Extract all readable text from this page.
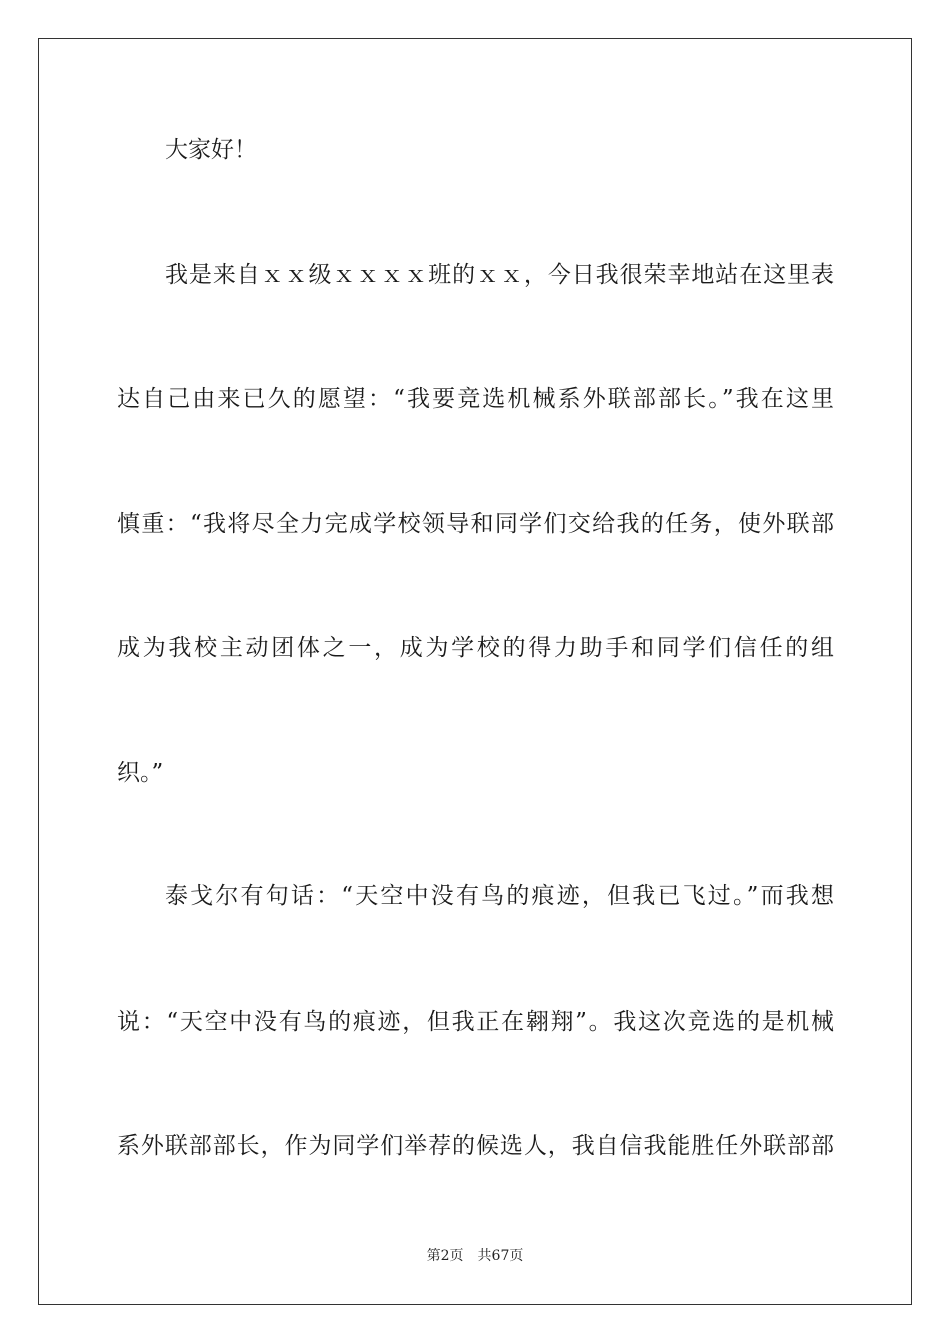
大家好！
我是来自ｘｘ级ｘｘｘｘ班的ｘｘ，今日我很荣幸地站在这里表
达自己由来已久的愿望：“我要竞选机械系外联部部长。”我在这里
慎重：“我将尽全力完成学校领导和同学们交给我的任务，使外联部
成为我校主动团体之一，成为学校的得力助手和同学们信任的组
织。”
泰戈尔有句话：“天空中没有鸟的痕迹，但我已飞过。”而我想
说：“天空中没有鸟的痕迹，但我正在翱翔”。我这次竞选的是机械
系外联部部长，作为同学们举荐的候选人，我自信我能胜任外联部部
第2页　共67页
